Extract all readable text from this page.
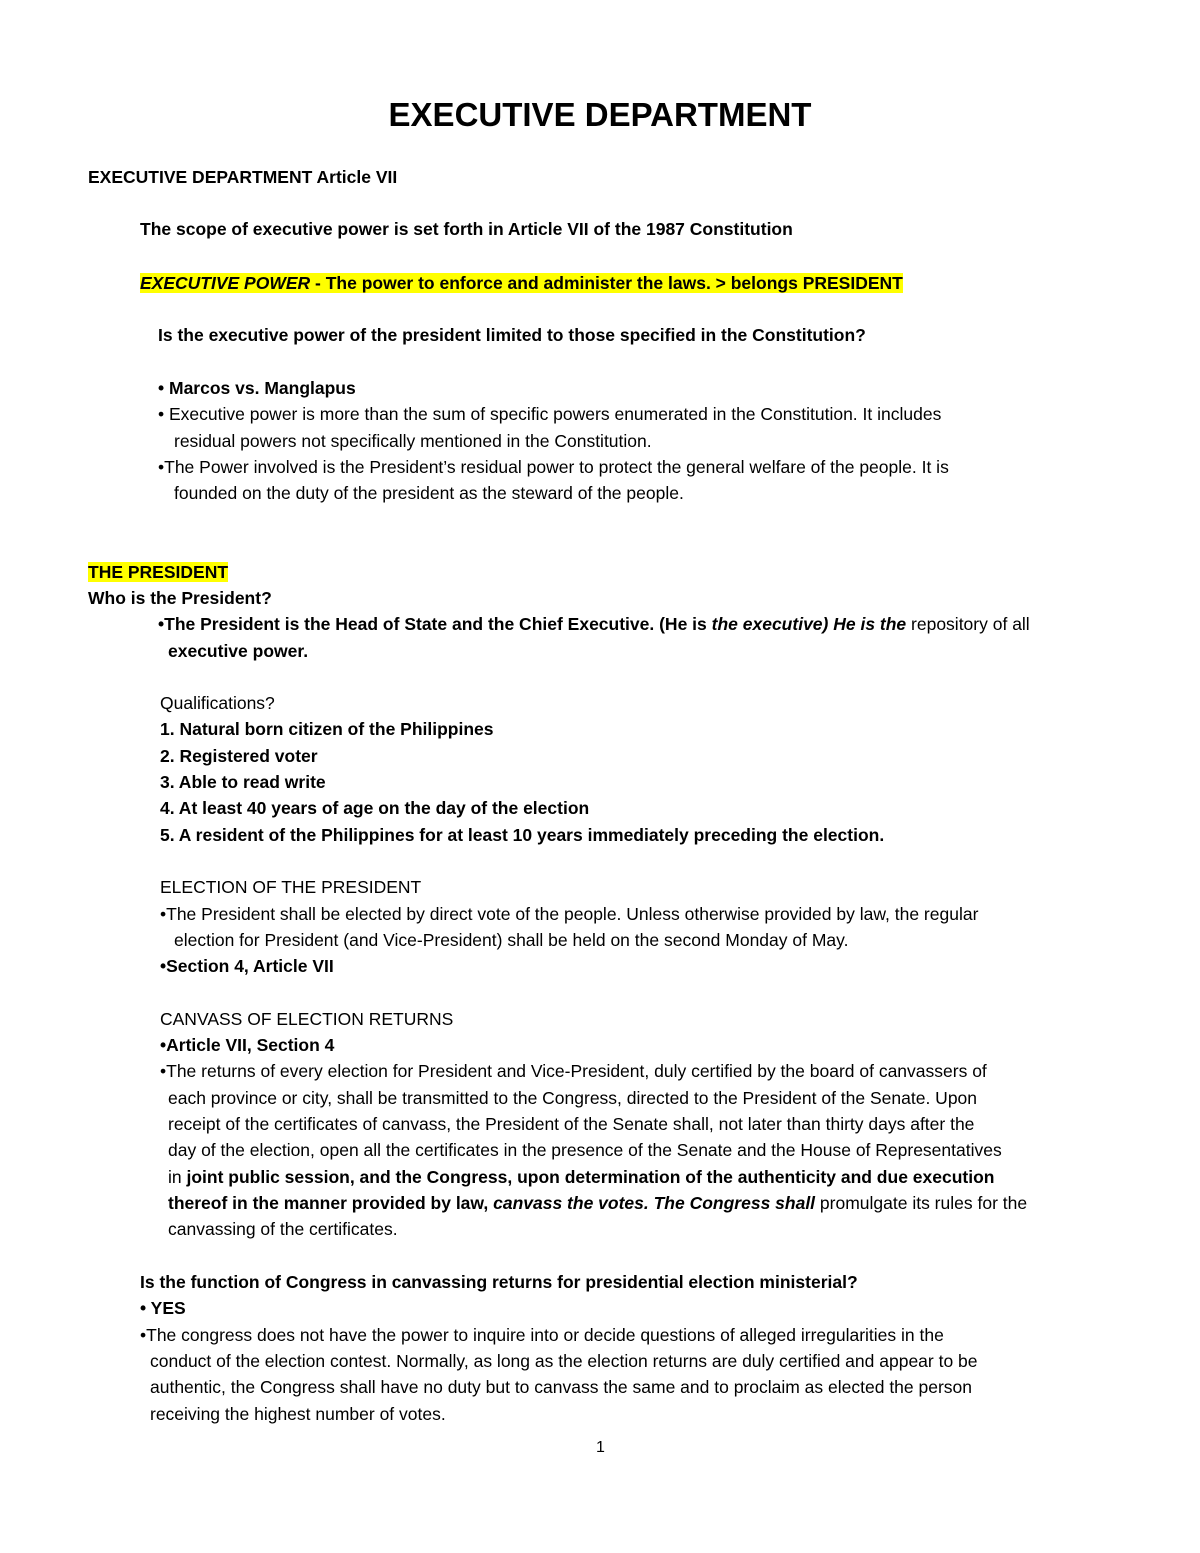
EXECUTIVE DEPARTMENT
EXECUTIVE DEPARTMENT Article VII
The scope of executive power is set forth in Article VII of the 1987 Constitution
EXECUTIVE POWER - The power to enforce and administer the laws. > belongs PRESIDENT
Is the executive power of the president limited to those specified in the Constitution?
• Marcos vs. Manglapus
• Executive power is more than the sum of specific powers enumerated in the Constitution. It includes
residual powers not specifically mentioned in the Constitution.
•The Power involved is the President’s residual power to protect the general welfare of the people. It is
founded on the duty of the president as the steward of the people.
THE PRESIDENT
Who is the President?
•The President is the Head of State and the Chief Executive. (He is the executive) He is the repository of all
executive power.
Qualifications?
1. Natural born citizen of the Philippines
2. Registered voter
3. Able to read write
4. At least 40 years of age on the day of the election
5. A resident of the Philippines for at least 10 years immediately preceding the election.
ELECTION OF THE PRESIDENT
•The President shall be elected by direct vote of the people. Unless otherwise provided by law, the regular
election for President (and Vice-President) shall be held on the second Monday of May.
•Section 4, Article VII
CANVASS OF ELECTION RETURNS
•Article VII, Section 4
•The returns of every election for President and Vice-President, duly certified by the board of canvassers of
each province or city, shall be transmitted to the Congress, directed to the President of the Senate. Upon
receipt of the certificates of canvass, the President of the Senate shall, not later than thirty days after the
day of the election, open all the certificates in the presence of the Senate and the House of Representatives
in joint public session, and the Congress, upon determination of the authenticity and due execution
thereof in the manner provided by law, canvass the votes. The Congress shall promulgate its rules for the
canvassing of the certificates.
Is the function of Congress in canvassing returns for presidential election ministerial?
• YES
•The congress does not have the power to inquire into or decide questions of alleged irregularities in the
conduct of the election contest. Normally, as long as the election returns are duly certified and appear to be
authentic, the Congress shall have no duty but to canvass the same and to proclaim as elected the person
receiving the highest number of votes.
1
